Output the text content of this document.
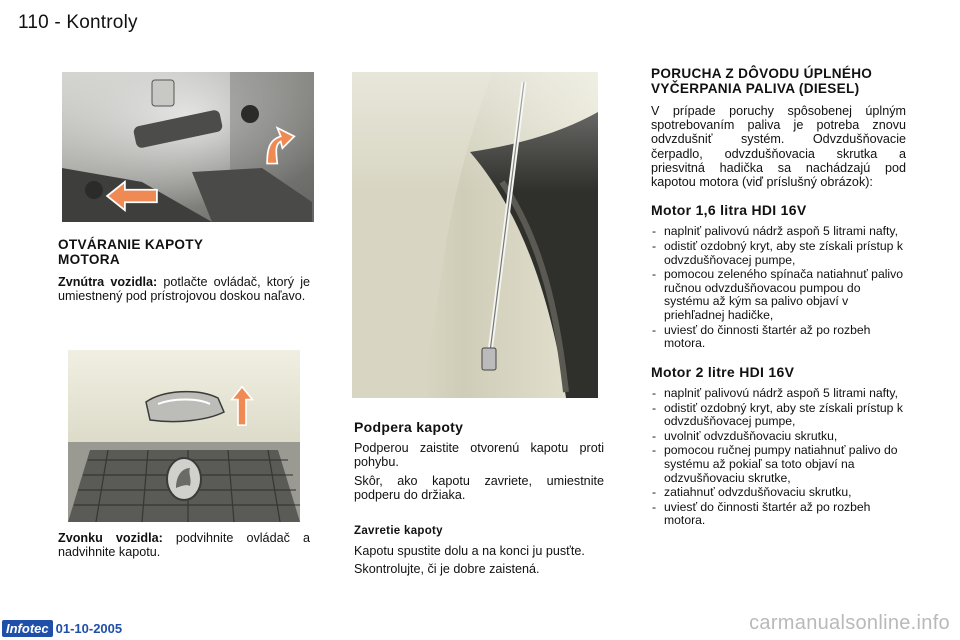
110 - Kontroly
OTVÁRANIE KAPOTY MOTORA

Zvnútra vozidla: potlačte ovládač, ktorý je umiestnený pod prístrojovou doskou naľavo.

Zvonku vozidla: podvihnite ovládač a nadvihnite kapotu.

Podpera kapoty

Podperou zaistite otvorenú kapotu proti pohybu.

Skôr, ako kapotu zavriete, umiestnite podperu do držiaka.

Zavretie kapoty

Kapotu spustite dolu a na konci ju pusťte.

Skontrolujte, či je dobre zaistená.

PORUCHA Z DÔVODU ÚPLNÉHO VYČERPANIA PALIVA (DIESEL)

V prípade poruchy spôsobenej úplným spotrebovaním paliva je potreba znovu odvzdušniť systém. Odvzdušňovacie čerpadlo, odvzdušňovacia skrutka a priesvitná hadička sa nachádzajú pod kapotou motora (viď príslušný obrázok):

Motor 1,6 litra HDI 16V
- naplniť palivovú nádrž aspoň 5 litrami nafty,
- odistiť ozdobný kryt, aby ste získali prístup k odvzdušňovacej pumpe,
- pomocou zeleného spínača natiahnuť palivo ručnou odvzdušňovacou pumpou do systému až kým sa palivo objaví v priehľadnej hadičke,
- uviesť do činnosti štartér až po rozbeh motora.
Motor 2 litre HDI 16V
- naplniť palivovú nádrž aspoň 5 litrami nafty,
- odistiť ozdobný kryt, aby ste získali prístup k odvzdušňovacej pumpe,
- uvolniť odvzdušňovaciu skrutku,
- pomocou ručnej pumpy natiahnuť palivo do systému až pokiaľ sa toto objaví na odzvušňovaciu skrutke,
- zatiahnuť odvzdušňovaciu skrutku,
- uviesť do činnosti štartér až po rozbeh motora.
Infotec 01-10-2005	carmanualsonline.info
